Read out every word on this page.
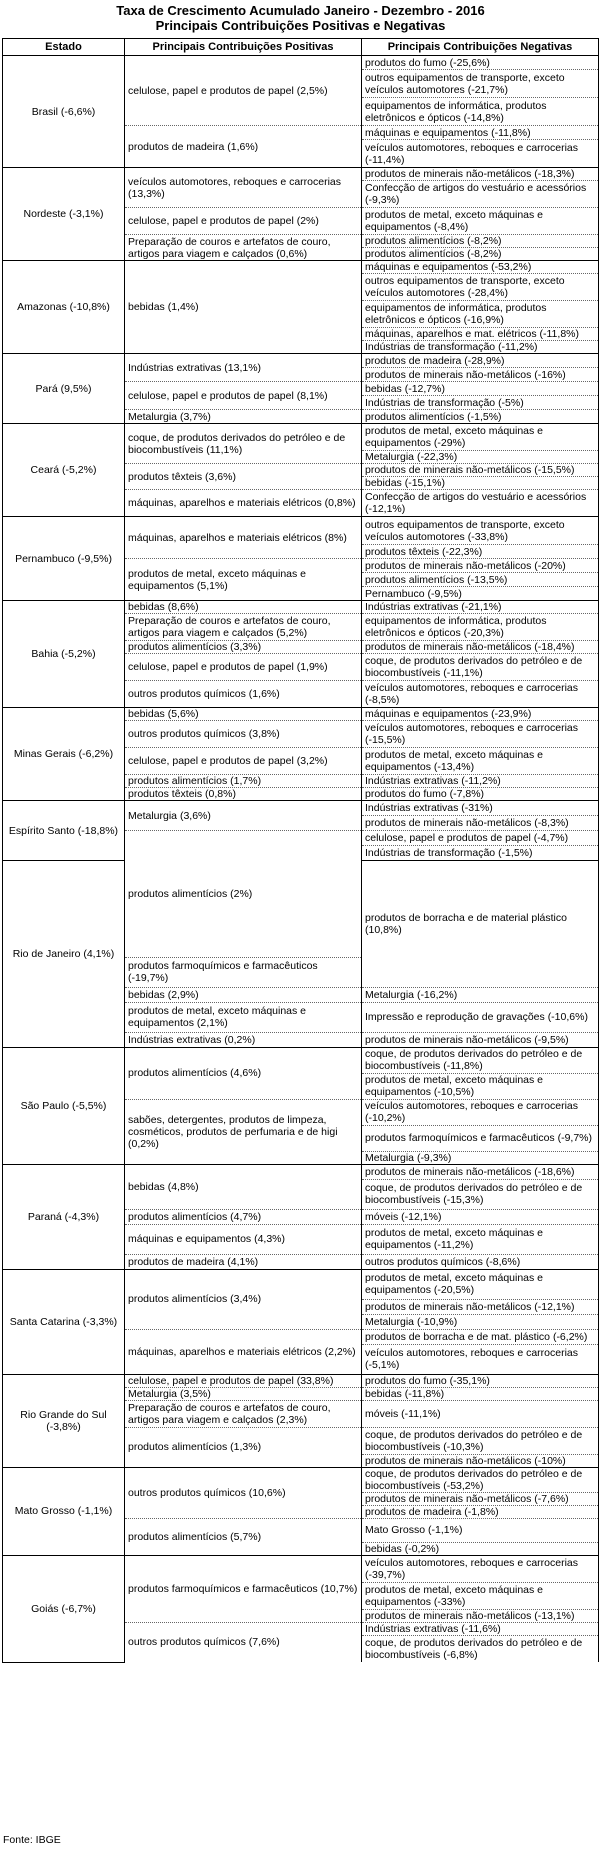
Taxa de Crescimento Acumulado Janeiro - Dezembro - 2016
Principais Contribuições Positivas e Negativas
Estado	Principais Contribuições Positivas	Principais Contribuições Negativas	
Brasil (-6,6%)	celulose, papel e produtos de papel (2,5%)	produtos do fumo (-25,6%)	
		outros equipamentos de transporte, exceto veículos automotores (-21,7%)	
		equipamentos de informática, produtos eletrônicos e ópticos (-14,8%)	
	produtos de madeira (1,6%)	máquinas e equipamentos (-11,8%)	
		veículos automotores, reboques e carrocerias (-11,4%)	
Nordeste (-3,1%)	veículos automotores, reboques e carrocerias (13,3%)	produtos de minerais não-metálicos (-18,3%)	
		Confecção de artigos do vestuário e acessórios (-9,3%)	
	celulose, papel e produtos de papel (2%)	produtos de metal, exceto máquinas e equipamentos (-8,4%)	
	Preparação de couros e artefatos de couro, artigos para viagem e calçados (0,6%)	produtos alimentícios (-8,2%)	
		produtos alimentícios (-8,2%)	
Amazonas (-10,8%)	bebidas (1,4%)	máquinas e equipamentos (-53,2%)	
		outros equipamentos de transporte, exceto veículos automotores (-28,4%)	
		equipamentos de informática, produtos eletrônicos e ópticos (-16,9%)	
		máquinas, aparelhos e mat. elétricos (-11,8%)	
		Indústrias de transformação (-11,2%)	
Pará (9,5%)	Indústrias extrativas (13,1%)	produtos de madeira (-28,9%)	
		produtos de minerais não-metálicos (-16%)	
	celulose, papel e produtos de papel (8,1%)	bebidas (-12,7%)	
		Indústrias de transformação (-5%)	
	Metalurgia (3,7%)	produtos alimentícios (-1,5%)	
Ceará (-5,2%)	coque, de produtos derivados do petróleo e de biocombustíveis (11,1%)	produtos de metal, exceto máquinas e equipamentos (-29%)	
		Metalurgia (-22,3%)	
	produtos têxteis (3,6%)	produtos de minerais não-metálicos (-15,5%)	
		bebidas (-15,1%)	
	máquinas, aparelhos e materiais elétricos (0,8%)	Confecção de artigos do vestuário e acessórios (-12,1%)	
Pernambuco (-9,5%)	máquinas, aparelhos e materiais elétricos (8%)	outros equipamentos de transporte, exceto veículos automotores (-33,8%)	
		produtos têxteis (-22,3%)	
	produtos de metal, exceto máquinas e equipamentos (5,1%)	produtos de minerais não-metálicos (-20%)	
		produtos alimentícios (-13,5%)	
		Pernambuco (-9,5%)	
Bahia (-5,2%)	bebidas (8,6%)	Indústrias extrativas (-21,1%)	
	Preparação de couros e artefatos de couro, artigos para viagem e calçados (5,2%)	equipamentos de informática, produtos eletrônicos e ópticos (-20,3%)	
	produtos alimentícios (3,3%)	produtos de minerais não-metálicos (-18,4%)	
	celulose, papel e produtos de papel (1,9%)	coque, de produtos derivados do petróleo e de biocombustíveis (-11,1%)	
	outros produtos químicos (1,6%)	veículos automotores, reboques e carrocerias (-8,5%)	
Minas Gerais (-6,2%)	bebidas (5,6%)	máquinas e equipamentos (-23,9%)	
	outros produtos químicos (3,8%)	veículos automotores, reboques e carrocerias (-15,5%)	
	celulose, papel e produtos de papel (3,2%)	produtos de metal, exceto máquinas e equipamentos (-13,4%)	
	produtos alimentícios (1,7%)	Indústrias extrativas (-11,2%)	
	produtos têxteis (0,8%)	produtos do fumo (-7,8%)	
Espírito Santo (-18,8%)	Metalurgia (3,6%)	Indústrias extrativas (-31%)	
		produtos de minerais não-metálicos (-8,3%)	
	produtos alimentícios (2%)	celulose, papel e produtos de papel (-4,7%)	
		Indústrias de transformação (-1,5%)	
Rio de Janeiro (4,1%)		produtos de borracha e de material plástico (10,8%)	
	produtos farmoquímicos e farmacêuticos (-19,7%)		
	bebidas (2,9%)	Metalurgia (-16,2%)	
	produtos de metal, exceto máquinas e equipamentos (2,1%)	Impressão e reprodução de gravações (-10,6%)	
	Indústrias extrativas (0,2%)	produtos de minerais não-metálicos (-9,5%)	
São Paulo (-5,5%)	produtos alimentícios (4,6%)	coque, de produtos derivados do petróleo e de biocombustíveis (-11,8%)	
		produtos de metal, exceto máquinas e equipamentos (-10,5%)	
	sabões, detergentes, produtos de limpeza, cosméticos, produtos de perfumaria e de higi (0,2%)	veículos automotores, reboques e carrocerias (-10,2%)	
		produtos farmoquímicos e farmacêuticos (-9,7%)	
		Metalurgia (-9,3%)	
Paraná (-4,3%)	bebidas (4,8%)	produtos de minerais não-metálicos (-18,6%)	
		coque, de produtos derivados do petróleo e de biocombustíveis (-15,3%)	
	produtos alimentícios (4,7%)	móveis (-12,1%)	
	máquinas e equipamentos (4,3%)	produtos de metal, exceto máquinas e equipamentos (-11,2%)	
	produtos de madeira (4,1%)	outros produtos químicos (-8,6%)	
Santa Catarina (-3,3%)	produtos alimentícios (3,4%)	produtos de metal, exceto máquinas e equipamentos (-20,5%)	
		produtos de minerais não-metálicos (-12,1%)	
		Metalurgia (-10,9%)	
	máquinas, aparelhos e materiais elétricos (2,2%)	produtos de borracha e de mat. plástico (-6,2%)	
		veículos automotores, reboques e carrocerias (-5,1%)	
Rio Grande do Sul (-3,8%)	celulose, papel e produtos de papel (33,8%)	produtos do fumo (-35,1%)	
	Metalurgia (3,5%)	bebidas (-11,8%)	
	Preparação de couros e artefatos de couro, artigos para viagem e calçados (2,3%)	móveis (-11,1%)	
	produtos alimentícios (1,3%)	coque, de produtos derivados do petróleo e de biocombustíveis (-10,3%)	
		produtos de minerais não-metálicos (-10%)	
Mato Grosso (-1,1%)	outros produtos químicos (10,6%)	coque, de produtos derivados do petróleo e de biocombustíveis (-53,2%)	
		produtos de minerais não-metálicos (-7,6%)	
		produtos de madeira (-1,8%)	
	produtos alimentícios (5,7%)	Mato Grosso (-1,1%)	
		bebidas (-0,2%)	
Goiás (-6,7%)	produtos farmoquímicos e farmacêuticos (10,7%)	veículos automotores, reboques e carrocerias (-39,7%)	
		produtos de metal, exceto máquinas e equipamentos (-33%)	
		produtos de minerais não-metálicos (-13,1%)	
	outros produtos químicos (7,6%)	Indústrias extrativas (-11,6%)	
		coque, de produtos derivados do petróleo e de biocombustíveis (-6,8%)	
Fonte: IBGE
